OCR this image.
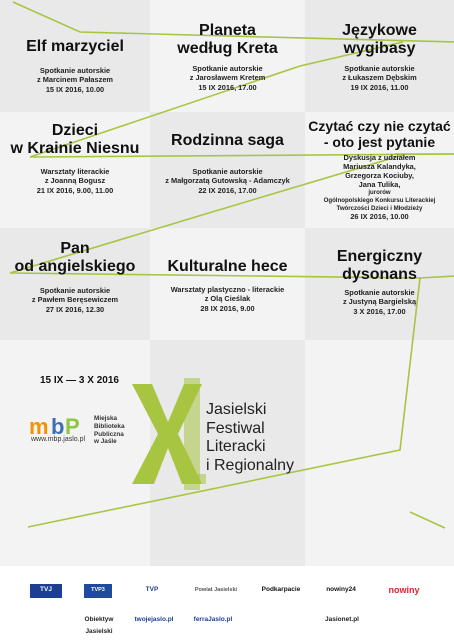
Elf marzyciel
Spotkanie autorskie
z Marcinem Pałaszem
15 IX 2016, 10.00
Planeta
według Kreta
Spotkanie autorskie
z Jarosławem Kretem
15 IX 2016, 17.00
Językowe
wygibasy
Spotkanie autorskie
z Łukaszem Dębskim
19 IX 2016, 11.00
Dzieci
w Krainie Niesnu
Warsztaty literackie
z Joanną Bogusz
21 IX 2016, 9.00, 11.00
Rodzinna saga
Spotkanie autorskie
z Małgorzatą Gutowską - Adamczyk
22 IX 2016, 17.00
Czytać czy nie czytać
- oto jest pytanie
Dyskusja z udziałem
Mariusza Kalandyka,
Grzegorza Kociuby,
Jana Tulika,
jurorów
Ogólnopolskiego Konkursu Literackiej
Twórczości Dzieci i Młodzieży
26 IX 2016, 10.00
Pan
od angielskiego
Spotkanie autorskie
z Pawłem Beręsewiczem
27 IX 2016, 12.30
Kulturalne hece
Warsztaty plastyczno - literackie
z Olą Cieślak
28 IX 2016, 9.00
Energiczny
dysonans
Spotkanie autorskie
z Justyną Bargielską
3 X 2016, 17.00
15 IX — 3 X 2016
m b P Miejska
Biblioteka
Publiczna
w Jaśle
www.mbp.jaslo.pl
Jasielski
Festiwal
Literacki
i Regionalny
TVJ	TVP3 Rzeszów
TVP	Powiat Jasielski	Podkarpacie	nowiny24	nowiny
Obiektyw Jasielski
twojejaslo.pl	ferraJaslo.pl	Jasionet.pl
